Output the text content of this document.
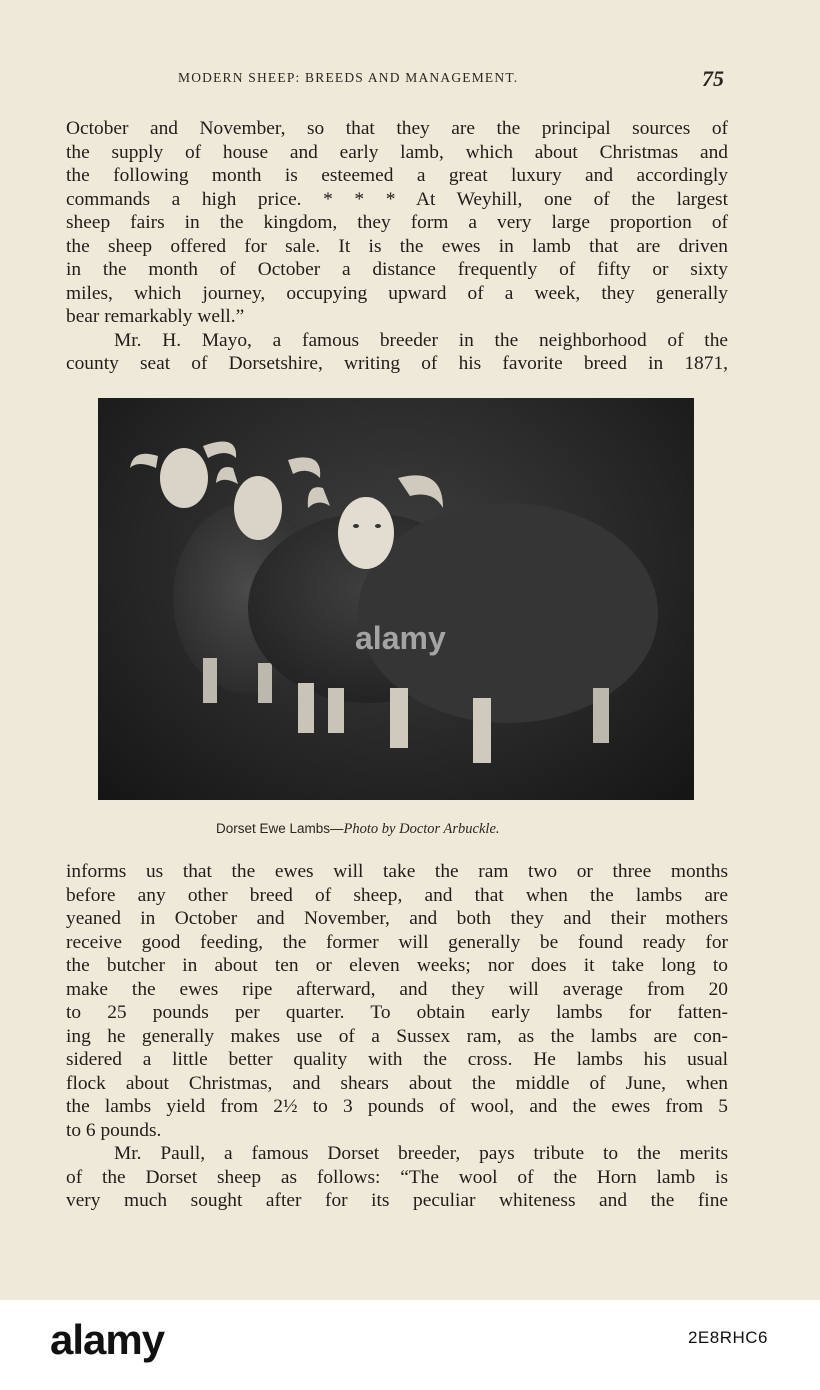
MODERN SHEEP: BREEDS AND MANAGEMENT.	75
October and November, so that they are the principal sources of
the supply of house and early lamb, which about Christmas and
the following month is esteemed a great luxury and accordingly
commands a high price. * * * At Weyhill, one of the largest
sheep fairs in the kingdom, they form a very large proportion of
the sheep offered for sale. It is the ewes in lamb that are driven
in the month of October a distance frequently of fifty or sixty
miles, which journey, occupying upward of a week, they generally
bear remarkably well.”
Mr. H. Mayo, a famous breeder in the neighborhood of the
county seat of Dorsetshire, writing of his favorite breed in 1871,
informs us that the ewes will take the ram two or three months
before any other breed of sheep, and that when the lambs are
yeaned in October and November, and both they and their mothers
receive good feeding, the former will generally be found ready for
the butcher in about ten or eleven weeks; nor does it take long to
make the ewes ripe afterward, and they will average from 20
to 25 pounds per quarter. To obtain early lambs for fatten-
ing he generally makes use of a Sussex ram, as the lambs are con-
sidered a little better quality with the cross. He lambs his usual
flock about Christmas, and shears about the middle of June, when
the lambs yield from 2½ to 3 pounds of wool, and the ewes from 5
to 6 pounds.
Mr. Paull, a famous Dorset breeder, pays tribute to the merits
of the Dorset sheep as follows: “The wool of the Horn lamb is
very much sought after for its peculiar whiteness and the fine
alamy
Dorset Ewe Lambs—Photo by Doctor Arbuckle.
alamy	2E8RHC6
